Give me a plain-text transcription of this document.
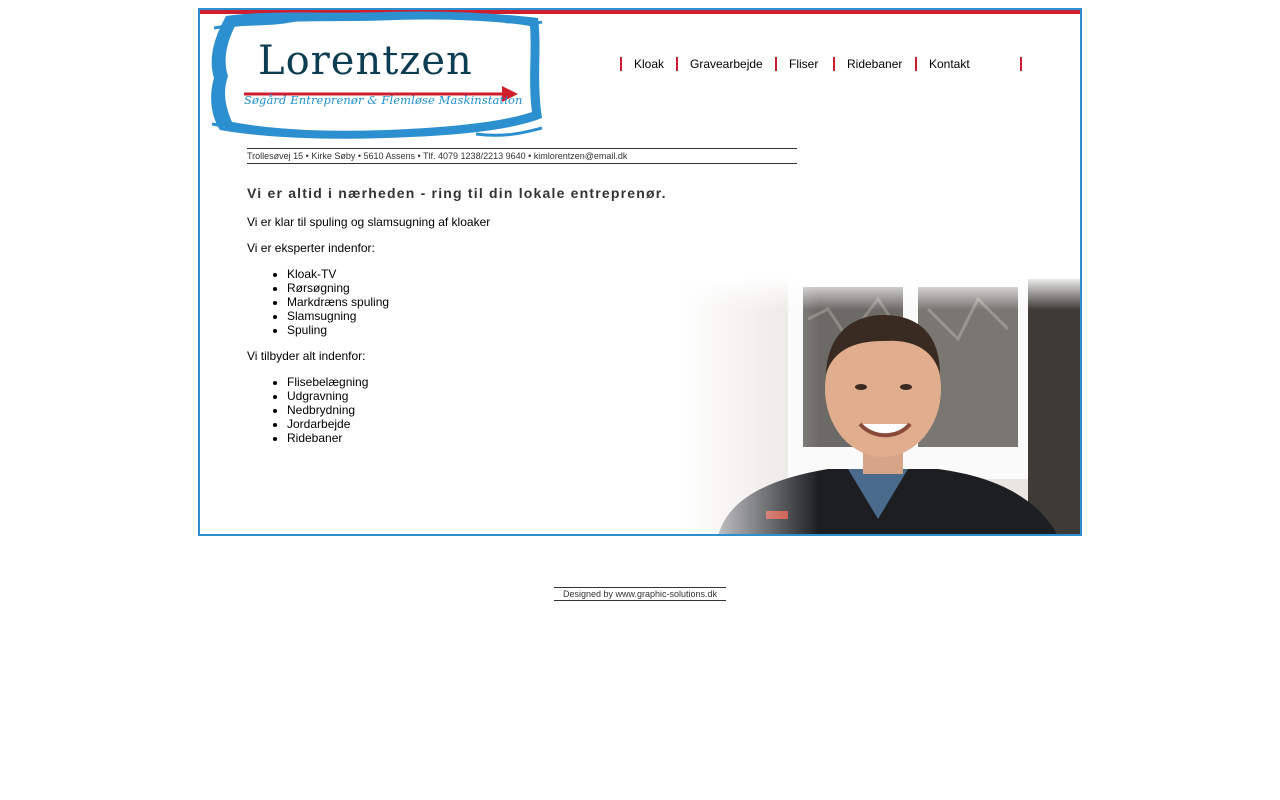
Lorentzen
Søgård Entreprenør & Flemløse Maskinstation
Kloak Gravearbejde Fliser Ridebaner Kontakt
Trollesøvej 15 • Kirke Søby • 5610 Assens • Tlf. 4079 1238/2213 9640 • kimlorentzen@email.dk
Vi er altid i nærheden - ring til din lokale entreprenør.

Vi er klar til spuling og slamsugning af kloaker

Vi er eksperter indenfor:

• Kloak-TV
• Rørsøgning
• Markdræns spuling
• Slamsugning
• Spuling

Vi tilbyder alt indenfor:

• Flisebelægning
• Udgravning
• Nedbrydning
• Jordarbejde
• Ridebaner
Designed by www.graphic-solutions.dk
